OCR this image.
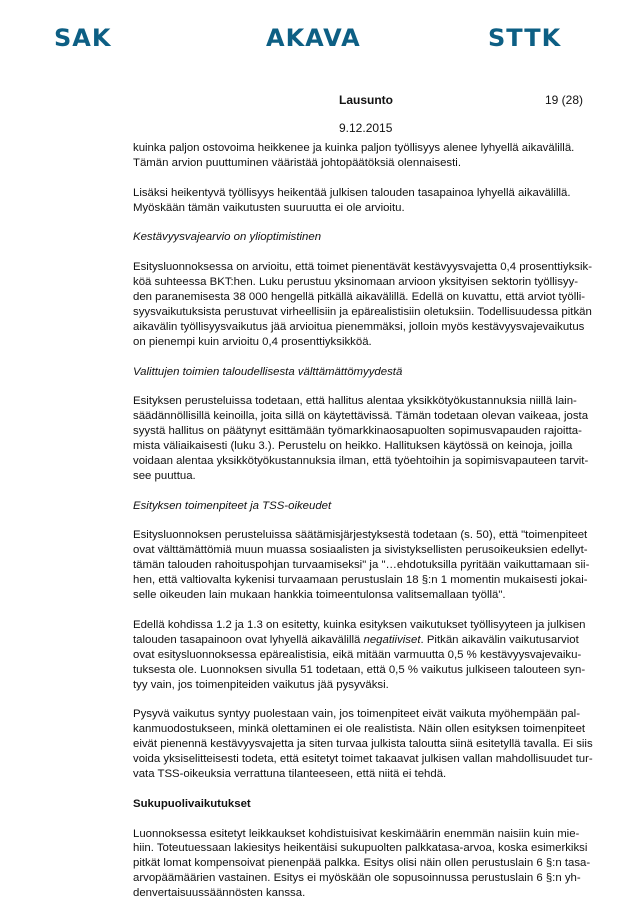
SAK	AKAVA	STTK
Lausunto	19 (28)
9.12.2015

kuinka paljon ostovoima heikkenee ja kuinka paljon työllisyys alenee lyhyellä aikavälillä.
Tämän arvion puuttuminen vääristää johtopäätöksiä olennaisesti.

Lisäksi heikentyvä työllisyys heikentää julkisen talouden tasapainoa lyhyellä aikavälillä.
Myöskään tämän vaikutusten suuruutta ei ole arvioitu.

Kestävyysvajearvio on ylioptimistinen

Esitysluonnoksessa on arvioitu, että toimet pienentävät kestävyysvajetta 0,4 prosenttiyksik-
köä suhteessa BKT:hen. Luku perustuu yksinomaan arvioon yksityisen sektorin työllisyy-
den paranemisesta 38 000 hengellä pitkällä aikavälillä. Edellä on kuvattu, että arviot työlli-
syysvaikutuksista perustuvat virheellisiin ja epärealistisiin oletuksiin. Todellisuudessa pitkän
aikavälin työllisyysvaikutus jää arvioitua pienemmäksi, jolloin myös kestävyysvajevaikutus
on pienempi kuin arvioitu 0,4 prosenttiyksikköä.

Valittujen toimien taloudellisesta välttämättömyydestä

Esityksen perusteluissa todetaan, että hallitus alentaa yksikkötyökustannuksia niillä lain-
säädännöllisillä keinoilla, joita sillä on käytettävissä. Tämän todetaan olevan vaikeaa, josta
syystä hallitus on päätynyt esittämään työmarkkinaosapuolten sopimusvapauden rajoitta-
mista väliaikaisesti (luku 3.). Perustelu on heikko. Hallituksen käytössä on keinoja, joilla
voidaan alentaa yksikkötyökustannuksia ilman, että työehtoihin ja sopimisvapauteen tarvit-
see puuttua.

Esityksen toimenpiteet ja TSS-oikeudet

Esitysluonnoksen perusteluissa säätämisjärjestyksestä todetaan (s. 50), että "toimenpiteet
ovat välttämättömiä muun muassa sosiaalisten ja sivistyksellisten perusoikeuksien edellyt-
tämän talouden rahoituspohjan turvaamiseksi" ja "…ehdotuksilla pyritään vaikuttamaan sii-
hen, että valtiovalta kykenisi turvaamaan perustuslain 18 §:n 1 momentin mukaisesti jokai-
selle oikeuden lain mukaan hankkia toimeentulonsa valitsemallaan työllä".

Edellä kohdissa 1.2 ja 1.3 on esitetty, kuinka esityksen vaikutukset työllisyyteen ja julkisen
talouden tasapainoon ovat lyhyellä aikavälillä negatiiviset. Pitkän aikavälin vaikutusarviot
ovat esitysluonnoksessa epärealistisia, eikä mitään varmuutta 0,5 % kestävyysvajevaiku-
tuksesta ole. Luonnoksen sivulla 51 todetaan, että 0,5 % vaikutus julkiseen talouteen syn-
tyy vain, jos toimenpiteiden vaikutus jää pysyväksi.

Pysyvä vaikutus syntyy puolestaan vain, jos toimenpiteet eivät vaikuta myöhempään pal-
kanmuodostukseen, minkä olettaminen ei ole realistista. Näin ollen esityksen toimenpiteet
eivät pienennä kestävyysvajetta ja siten turvaa julkista taloutta siinä esitetyllä tavalla. Ei siis
voida yksiselitteisesti todeta, että esitetyt toimet takaavat julkisen vallan mahdollisuudet tur-
vata TSS-oikeuksia verrattuna tilanteeseen, että niitä ei tehdä.

Sukupuolivaikutukset

Luonnoksessa esitetyt leikkaukset kohdistuisivat keskimäärin enemmän naisiin kuin mie-
hiin. Toteutuessaan lakiesitys heikentäisi sukupuolten palkkatasa-arvoa, koska esimerkiksi
pitkät lomat kompensoivat pienenpää palkka. Esitys olisi näin ollen perustuslain 6 §:n tasa-
arvopäämäärien vastainen. Esitys ei myöskään ole sopusoinnussa perustuslain 6 §:n yh-
denvertaisuussäännösten kanssa.
